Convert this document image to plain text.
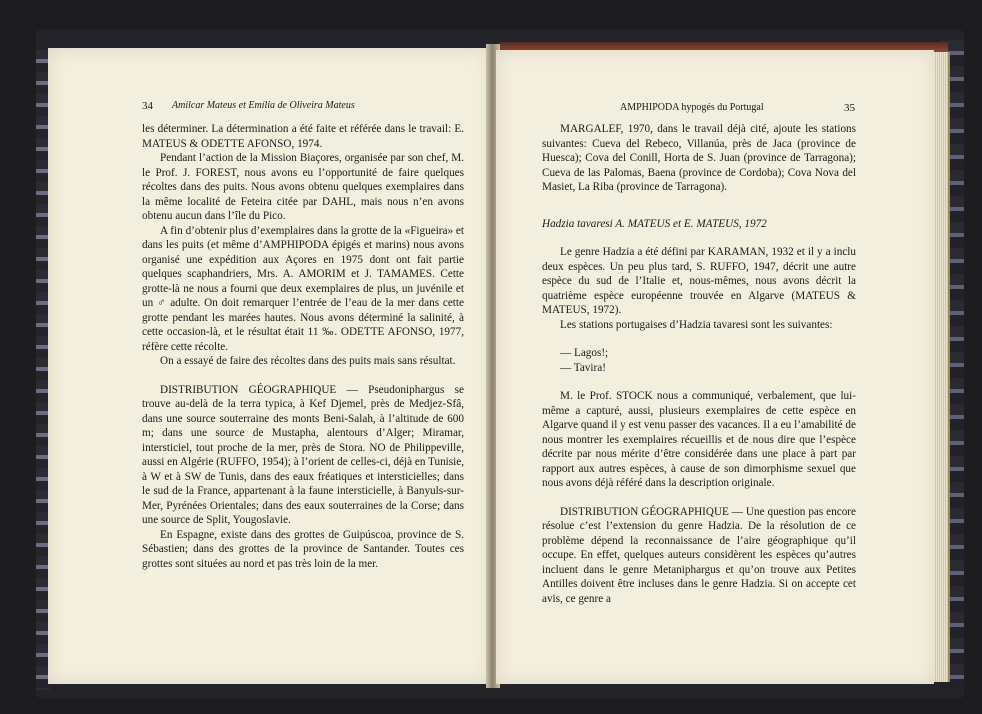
34 Amilcar Mateus et Emília de Oliveira Mateus

les déterminer. La détermination a été faite et référée dans le travail: E. MATEUS & ODETTE AFONSO, 1974.

Pendant l’action de la Mission Biaçores, organisée par son chef, M. le Prof. J. FOREST, nous avons eu l’opportunité de faire quelques récoltes dans des puits. Nous avons obtenu quelques exemplaires dans la même localité de Feteira citée par DAHL, mais nous n’en avons obtenu aucun dans l’île du Pico.

A fin d’obtenir plus d’exemplaires dans la grotte de la «Figueira» et dans les puits (et même d’AMPHIPODA épigés et marins) nous avons organisé une expédition aux Açores en 1975 dont ont fait partie quelques scaphandriers, Mrs. A. AMORIM et J. TAMAMES. Cette grotte-là ne nous a fourni que deux exemplaires de plus, un juvénile et un ♂ adulte. On doit remarquer l’entrée de l’eau de la mer dans cette grotte pendant les marées hautes. Nous avons déterminé la salinité, à cette occasion-là, et le résultat était 11 ‰. ODETTE AFONSO, 1977, réfère cette récolte.

On a essayé de faire des récoltes dans des puits mais sans résultat.

DISTRIBUTION GÉOGRAPHIQUE — Pseudoniphargus se trouve au-delà de la terra typica, à Kef Djemel, près de Medjez-Sfâ, dans une source souterraine des monts Beni-Salah, à l’altitude de 600 m; dans une source de Mustapha, alentours d’Alger; Miramar, intersticiel, tout proche de la mer, près de Stora. NO de Philippeville, aussi en Algérie (RUFFO, 1954); à l’orient de celles-ci, déjà en Tunisie, à W et à SW de Tunis, dans des eaux fréatiques et intersticielles; dans le sud de la France, appartenant à la faune intersticielle, à Banyuls-sur-Mer, Pyrénées Orientales; dans des eaux souterraines de la Corse; dans une source de Split, Yougoslavie.

En Espagne, existe dans des grottes de Guipúscoa, province de S. Sébastien; dans des grottes de la province de Santander. Toutes ces grottes sont situées au nord et pas très loin de la mer.

AMPHIPODA hypogés du Portugal	35

MARGALEF, 1970, dans le travail déjà cité, ajoute les stations suivantes: Cueva del Rebeco, Villanúa, près de Jaca (province de Huesca); Cova del Conill, Horta de S. Juan (province de Tarragona); Cueva de las Palomas, Baena (province de Cordoba); Cova Nova del Masiet, La Riba (province de Tarragona).

Hadzia tavaresi A. MATEUS et E. MATEUS, 1972

Le genre Hadzia a été défini par KARAMAN, 1932 et il y a inclu deux espèces. Un peu plus tard, S. RUFFO, 1947, décrit une autre espèce du sud de l’Italie et, nous-mêmes, nous avons décrit la quatrième espèce européenne trouvée en Algarve (MATEUS & MATEUS, 1972).

Les stations portugaises d’Hadzia tavaresi sont les suivantes:

— Lagos!;

— Tavira!

M. le Prof. STOCK nous a communiqué, verbalement, que lui-même a capturé, aussi, plusieurs exemplaires de cette espèce en Algarve quand il y est venu passer des vacances. Il a eu l’amabilité de nous montrer les exemplaires récueillis et de nous dire que l’espèce décrite par nous mérite d’être considérée dans une place à part par rapport aux autres espèces, à cause de son dimorphisme sexuel que nous avons déjà référé dans la description originale.

DISTRIBUTION GÉOGRAPHIQUE — Une question pas encore résolue c’est l’extension du genre Hadzia. De la résolution de ce problème dépend la reconnaissance de l’aire géographique qu’il occupe. En effet, quelques auteurs considèrent les espèces qu’autres incluent dans le genre Metaniphargus et qu’on trouve aux Petites Antilles doivent être incluses dans le genre Hadzia. Si on accepte cet avis, ce genre a
